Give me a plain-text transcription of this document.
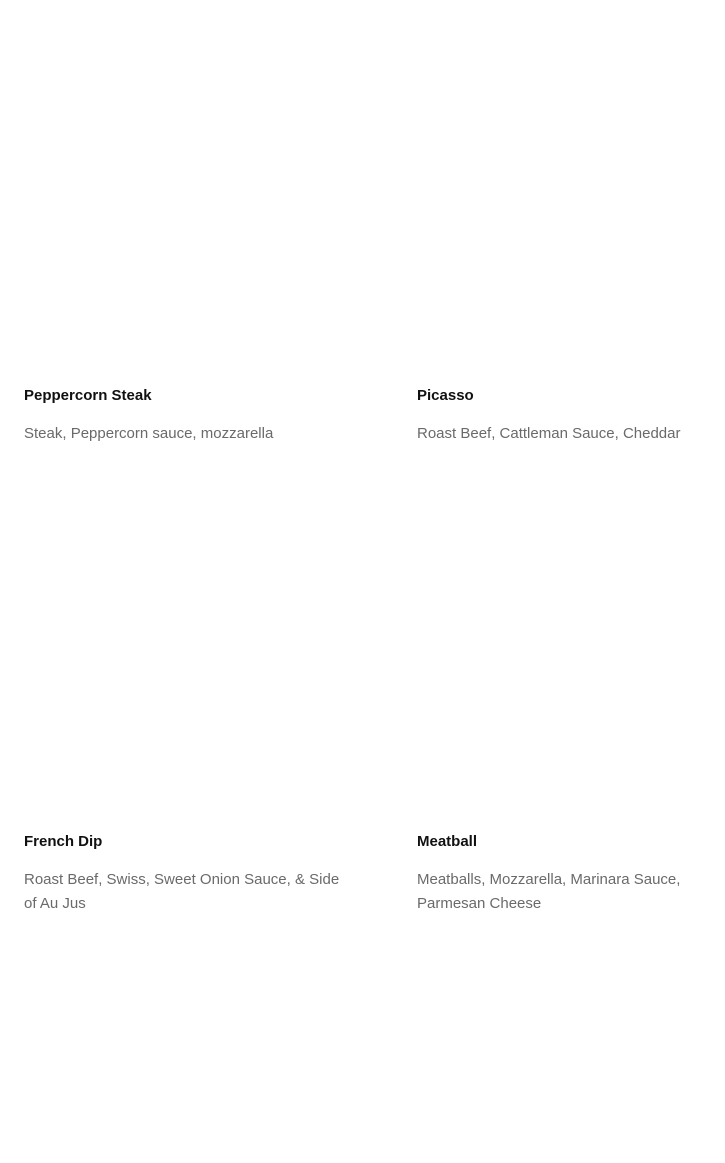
Peppercorn Steak

Steak, Peppercorn sauce, mozzarella

Picasso

Roast Beef, Cattleman Sauce, Cheddar

French Dip

Roast Beef, Swiss, Sweet Onion Sauce, & Side of Au Jus

Meatball

Meatballs, Mozzarella, Marinara Sauce, Parmesan Cheese
